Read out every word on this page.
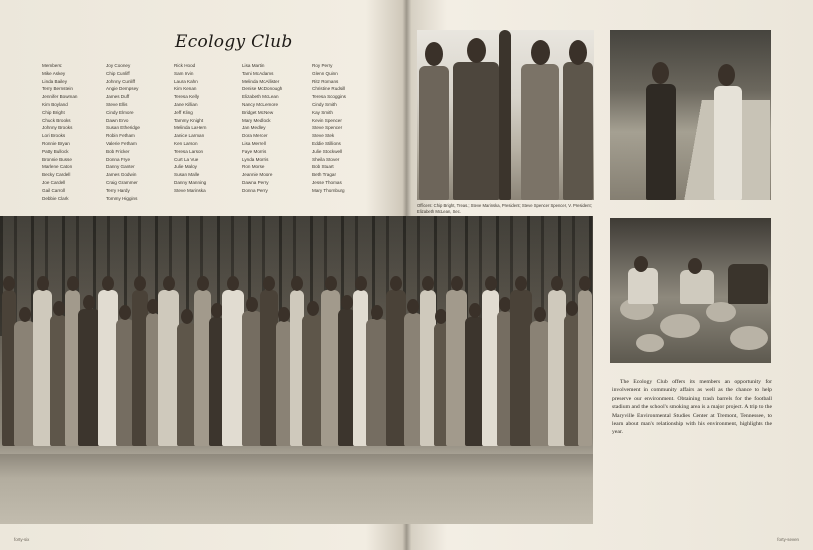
Ecology Club
Members:
Mike Askey
Linda Bailey
Terry Bernstein
Jennifer Bowman
Kim Boyland
Chip Bright
Chuck Brooks
Johnny Brooks
Lori Brooks
Ronnie Bryan
Patty Bullock
Bronnie Busse
Marlene Caton
Becky Cardell
Joe Cardell
Gail Carroll
Debbie Clark
Joy Cooney
Chip Cunliff
Johnny Cunliff
Angie Dempsey
James Duff
Steve Ellis
Cindy Elmore
Dawn Ervo
Susan Etheridge
Robin Fetham
Valerie Fetham
Bob Fricker
Donna Frye
Danny Ganter
James Godwin
Craig Grammer
Terry Hardy
Tommy Higgins
Rick Hood
Sam Irvin
Laura Kahn
Kim Kenan
Teresa Kelly
Jane Killian
Jeff Kling
Tammy Knight
Melinda LaHern
Janice Larman
Ken Larson
Teresa Larson
Curt La Vue
Julie Maloy
Susan Malle
Danny Manning
Steve Marinska
Lisa Martin
Tami McAdams
Melinda McAllister
Denise McDonough
Elizabeth McLean
Nancy McLemore
Bridget McNew
Mary Medlock
Jan Medley
Dora Mercer
Lisa Merrell
Faye Morris
Lynda Morris
Ron Morse
Jeannie Moore
Dawna Perry
Donna Perry
Roy Perry
Glenn Quinn
Ritz Romans
Christine Rudsill
Teresa Scoggins
Cindy Smith
Kay Smith
Kevin Spencer
Steve Spencer
Steve Stek
Eddie Stillions
Julie Stockwell
Sheila Stover
Bob Stuart
Beth Tragar
Jesse Thomas
Mary Thornburg
forty-six	forty-seven
Officers: Chip Bright, Treas.; Steve Marinska, President; Steve Spencer Spencer, V. President; Elizabeth McLean, Sec.
The Ecology Club offers its members an opportunity for involvement in community affairs as well as the chance to help preserve our environment. Obtaining trash barrels for the football stadium and the school's smoking area is a major project. A trip to the Maryville Environmental Studies Center at Tremont, Tennessee, to learn about man's relationship with his environment, highlights the year.
